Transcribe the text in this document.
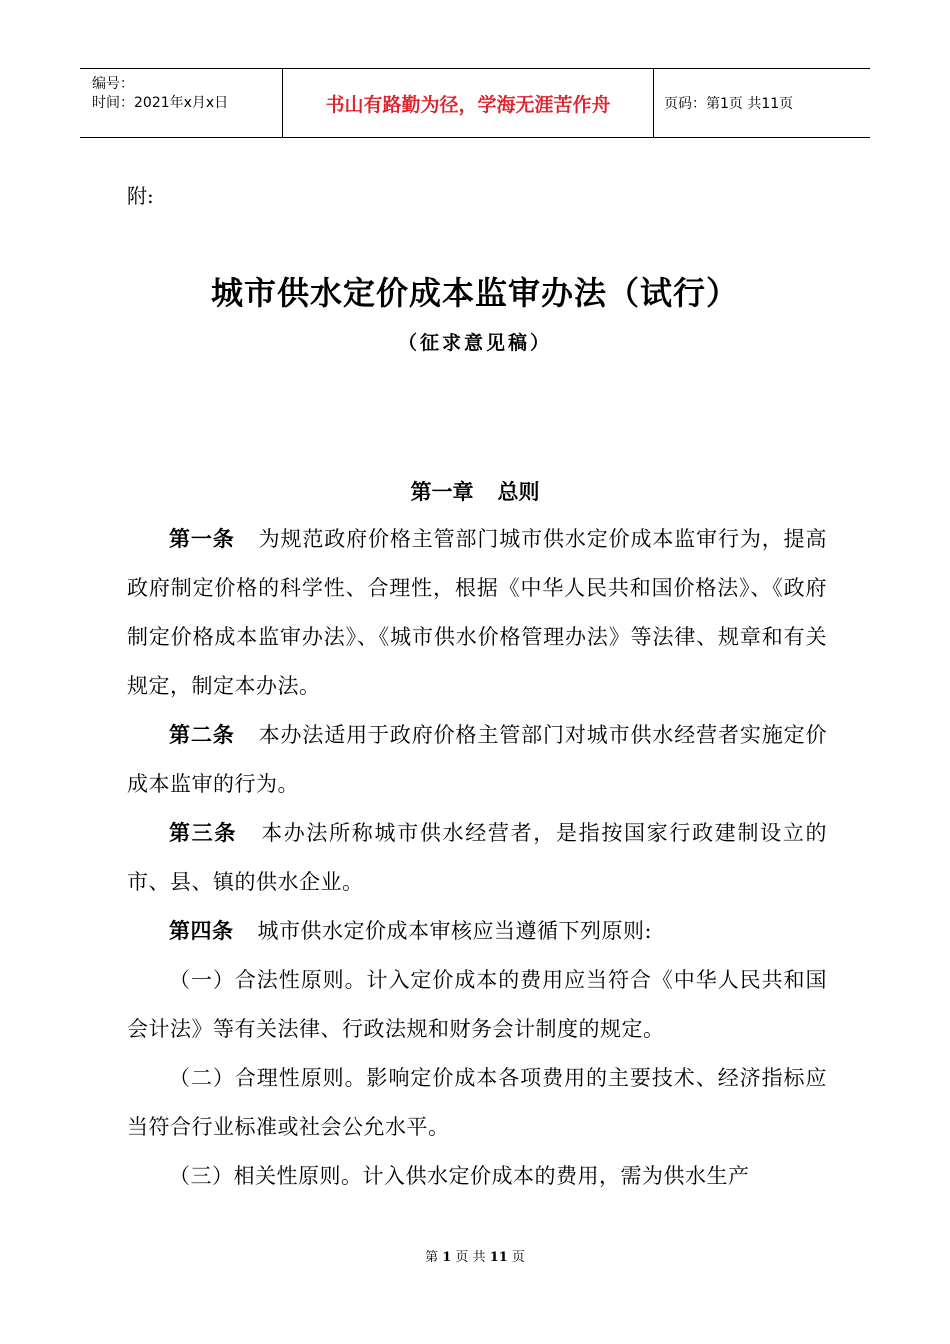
编号：
时间：2021年x月x日	书山有路勤为径，学海无涯苦作舟	页码：第1页 共11页
附:
城市供水定价成本监审办法（试行）
（征求意见稿）
第一章 总则

第一条 为规范政府价格主管部门城市供水定价成本监审行为，提高政府制定价格的科学性、合理性，根据《中华人民共和国价格法》、《政府制定价格成本监审办法》、《城市供水价格管理办法》等法律、规章和有关规定，制定本办法。

第二条 本办法适用于政府价格主管部门对城市供水经营者实施定价成本监审的行为。

第三条 本办法所称城市供水经营者，是指按国家行政建制设立的市、县、镇的供水企业。

第四条 城市供水定价成本审核应当遵循下列原则:

（一）合法性原则。计入定价成本的费用应当符合《中华人民共和国会计法》等有关法律、行政法规和财务会计制度的规定。

（二）合理性原则。影响定价成本各项费用的主要技术、经济指标应当符合行业标准或社会公允水平。

（三）相关性原则。计入供水定价成本的费用，需为供水生产

第 1 页 共 11 页
